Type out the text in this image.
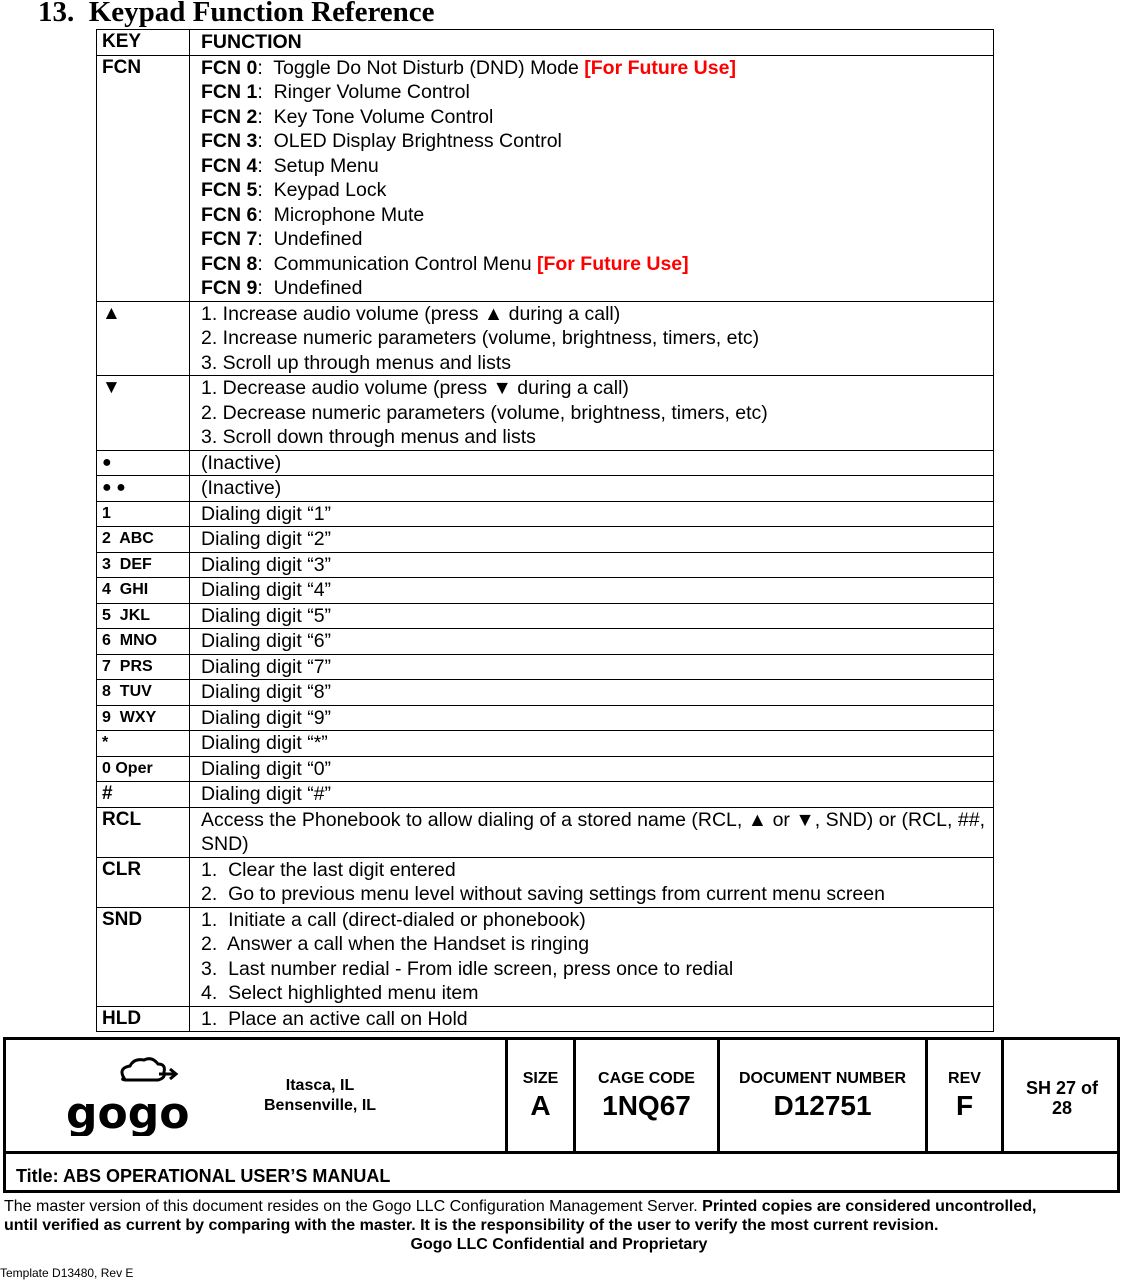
13.  Keypad Function Reference
KEY	FUNCTION
FCN	FCN 0:  Toggle Do Not Disturb (DND) Mode [For Future Use]
FCN 1:  Ringer Volume Control
FCN 2:  Key Tone Volume Control
FCN 3:  OLED Display Brightness Control
FCN 4:  Setup Menu
FCN 5:  Keypad Lock
FCN 6:  Microphone Mute
FCN 7:  Undefined
FCN 8:  Communication Control Menu [For Future Use]
FCN 9:  Undefined

▲	1. Increase audio volume (press ▲ during a call)
2. Increase numeric parameters (volume, brightness, timers, etc)
3. Scroll up through menus and lists

▼	1. Decrease audio volume (press ▼ during a call)
2. Decrease numeric parameters (volume, brightness, timers, etc)
3. Scroll down through menus and lists

●	(Inactive)
● ●	(Inactive)
1	Dialing digit “1”
2  ABC	Dialing digit “2”
3  DEF	Dialing digit “3”
4  GHI	Dialing digit “4”
5  JKL	Dialing digit “5”
6  MNO	Dialing digit “6”
7  PRS	Dialing digit “7”
8  TUV	Dialing digit “8”
9  WXY	Dialing digit “9”
*	Dialing digit “*”
0 Oper	Dialing digit “0”
#	Dialing digit “#”
RCL	Access the Phonebook to allow dialing of a stored name (RCL, ▲ or ▼, SND) or (RCL, ##, SND)
CLR	1.  Clear the last digit entered
2.  Go to previous menu level without saving settings from current menu screen

SND	1.  Initiate a call (direct-dialed or phonebook)
2.  Answer a call when the Handset is ringing
3.  Last number redial - From idle screen, press once to redial
4.  Select highlighted menu item

HLD	1.  Place an active call on Hold
gogo
Itasca, IL
Bensenville, IL
SIZE
A
CAGE CODE
1NQ67
DOCUMENT NUMBER
D12751
REV
F
SH 27 of
28
Title: ABS OPERATIONAL USER’S MANUAL
The master version of this document resides on the Gogo LLC Configuration Management Server. Printed copies are considered uncontrolled,
until verified as current by comparing with the master. It is the responsibility of the user to verify the most current revision.
Gogo LLC Confidential and Proprietary
Template D13480, Rev E
